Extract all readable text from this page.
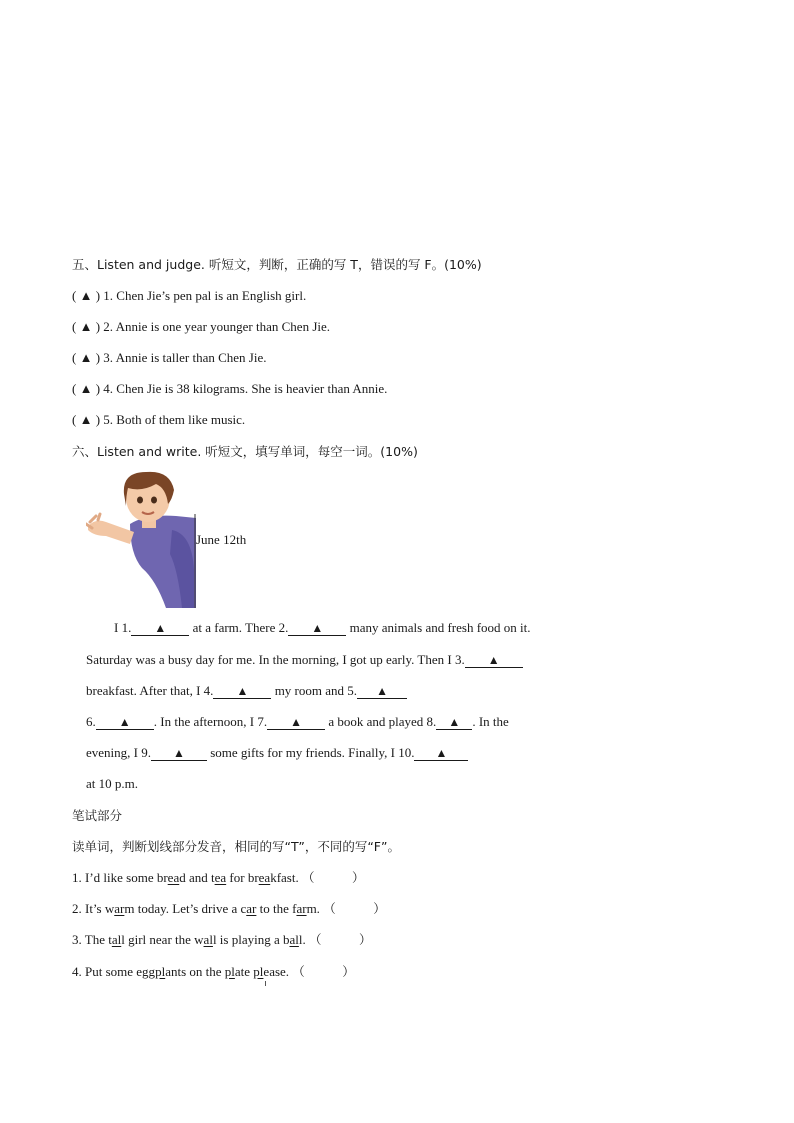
五、Listen and judge. 听短文，判断，正确的写 T，错误的写 F。(10%)
( ▲ ) 1. Chen Jie’s pen pal is an English girl.
( ▲ ) 2. Annie is one year younger than Chen Jie.
( ▲ ) 3. Annie is taller than Chen Jie.
( ▲ ) 4. Chen Jie is 38 kilograms. She is heavier than Annie.
( ▲ ) 5. Both of them like music.
六、Listen and write. 听短文，填写单词，每空一词。(10%)
June 12th
I 1. ▲ at a farm. There 2. ▲ many animals and fresh food on it.
Saturday was a busy day for me. In the morning, I got up early. Then I 3. ▲
breakfast. After that, I 4. ▲ my room and 5. ▲
6. ▲ . In the afternoon, I 7. ▲ a book and played 8. ▲ . In the
evening, I 9. ▲ some gifts for my friends. Finally, I 10. ▲
at 10 p.m.
笔试部分
读单词，判断划线部分发音，相同的写“T”，不同的写“F”。
1. I’d like some bread and tea for breakfast. （　　　）
2. It’s warm today. Let’s drive a car to the farm. （　　　）
3. The tall girl near the wall is playing a ball. （　　　）
4. Put some eggplants on the plate please. （　　　）
